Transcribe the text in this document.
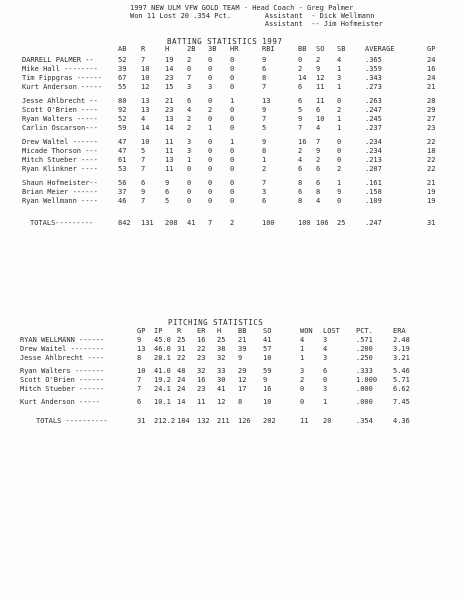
1997 NEW ULM VFW GOLD TEAM - Head Coach - Greg Palmer
Won 11 Lost 20 .354 Pct.        Assistant  - Dick Wellmann
Assistant  -- Jim Hofmeister
BATTING STATISTICS 1997
AB R	H	2B 3B HR	RBI	BB SO SB	AVERAGE	GP
DARRELL PALMER --	52 7	19 2 0	0	9	0 2 4	.365	24
Mike Hall --------	39 10 14 0 0	0	6	2 9 1	.359	16
Tim Fippgras ------	67 10 23 7 0	0	8	14 12 3	.343	24
Kurt Anderson -----	55 12 15 3 3	0	7	6 11 1	.273	21
Jesse Ahlbrecht --	80 13 21 6 0	1	13	6 11 0	.263	28
Scott O'Brien ----	92 13 23 4 2	0	9	5 6 2	.247	29
Ryan Walters -----	52 4	13 2 0	0	7	9 10 1	.245	27
Carlin Oscarson---	59 14 14 2 1	0	5	7 4 1	.237	23
Drew Waltel ------	47 10 11 3 0	1	9	16 7 0	.234	22
Micade Thorson ---	47 5	11 3 0	0	8	2 9 0	.234	18
Mitch Stueber ----	61 7	13 1 0	0	1	4 2 0	.213	22
Ryan Klinkner ----	53 7	11 0 0	0	2	6 6 2	.207	22
Shaun Hofmeister--	56 6	9	0 0	0	7	8 6 1	.161	21
Brian Meier ------	37 9	6	0 0	0	3	6 8 9	.158	19
Ryan Wellmann ----	46 7	5	0 0	0	6	8 4 0	.109	19
TOTALS---------	842 131 208 41 7	2	100	100 106 25	.247	31
PITCHING STATISTICS
GP IP R ER H BB SO	WON LOST PCT.	ERA
RYAN WELLMANN ------	9 45.0 25 16 25 21 41	4	3	.571	2.48
Drew Waitel --------	13 46.0 31 22 38 39 57	1	4	.200	3.19
Jesse Ahlbrecht ----	8 28.1 22 23 32 9	10	1	3	.250	3.21
Ryan Walters -------	10 41.0 48 32 33 29 59	3	6	.333	5.46
Scott O'Brien ------	7 19.2 24 16 30 12 9	2	0	1.000 5.71
Mitch Stueber ------	7 24.1 24 23 41 17 16	0	3	.000	6.62
Kurt Anderson -----	6 10.1 14 11 12 8	10	0	1	.000	7.45
TOTALS ----------	31 212.2 184 132 211 126 202	11 20	.354	4.36
